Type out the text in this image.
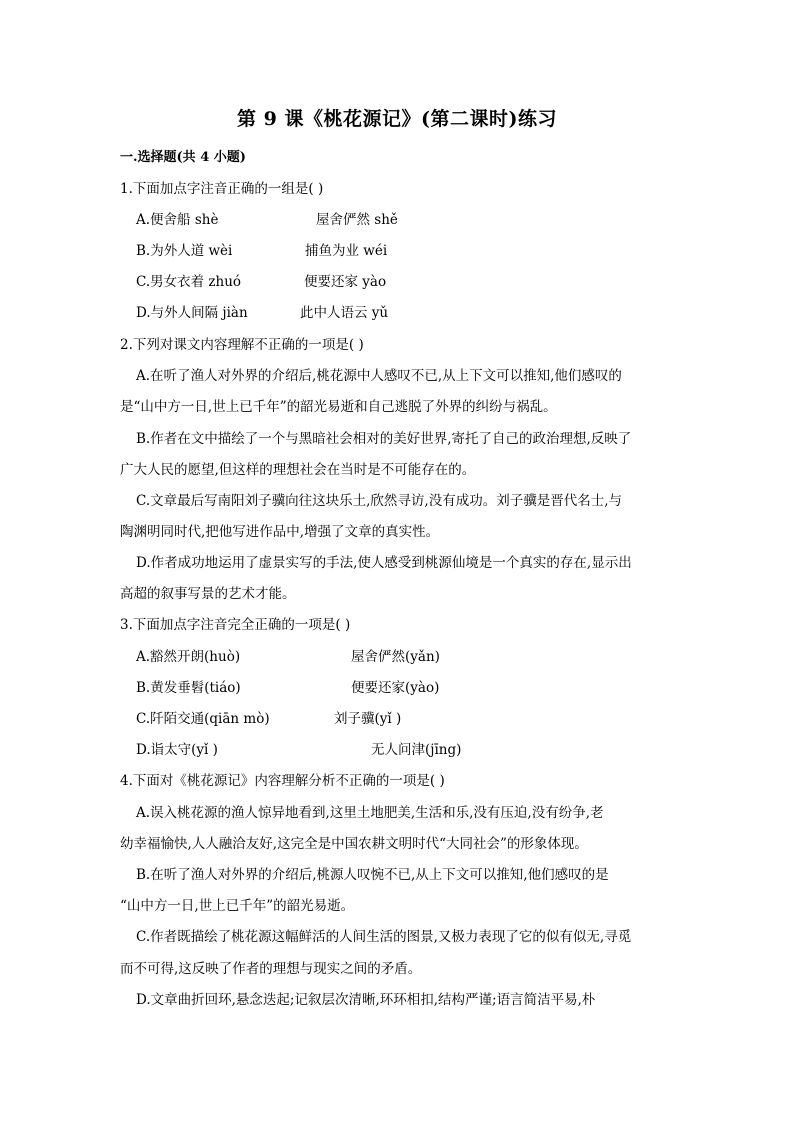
第 9 课《桃花源记》(第二课时)练习
一.选择题(共 4 小题)
1.下面加点字注音正确的一组是( )
A.便舍船 shè	屋舍俨然 shě
B.为外人道 wèi	捕鱼为业 wéi
C.男女衣着 zhuó	便要还家 yào
D.与外人间隔 jiàn	此中人语云 yǔ
2.下列对课文内容理解不正确的一项是( )
A.在听了渔人对外界的介绍后,桃花源中人感叹不已,从上下文可以推知,他们感叹的
是“山中方一日,世上已千年”的韶光易逝和自己逃脱了外界的纠纷与祸乱。
B.作者在文中描绘了一个与黑暗社会相对的美好世界,寄托了自己的政治理想,反映了
广大人民的愿望,但这样的理想社会在当时是不可能存在的。
C.文章最后写南阳刘子骥向往这块乐土,欣然寻访,没有成功。刘子骥是晋代名士,与
陶渊明同时代,把他写进作品中,增强了文章的真实性。
D.作者成功地运用了虚景实写的手法,使人感受到桃源仙境是一个真实的存在,显示出
高超的叙事写景的艺术才能。
3.下面加点字注音完全正确的一项是( )
A.豁然开朗(huò)	屋舍俨然(yǎn)
B.黄发垂髫(tiáo)	便要还家(yào)
C.阡陌交通(qiān mò)	刘子骥(yǐ )
D.诣太守(yǐ )	无人问津(jīng)
4.下面对《桃花源记》内容理解分析不正确的一项是( )
A.误入桃花源的渔人惊异地看到,这里土地肥美,生活和乐,没有压迫,没有纷争,老
幼幸福愉快,人人融洽友好,这完全是中国农耕文明时代“大同社会”的形象体现。
B.在听了渔人对外界的介绍后,桃源人叹惋不已,从上下文可以推知,他们感叹的是
“山中方一日,世上已千年”的韶光易逝。
C.作者既描绘了桃花源这幅鲜活的人间生活的图景,又极力表现了它的似有似无,寻觅
而不可得,这反映了作者的理想与现实之间的矛盾。
D.文章曲折回环,悬念迭起;记叙层次清晰,环环相扣,结构严谨;语言简洁平易,朴
